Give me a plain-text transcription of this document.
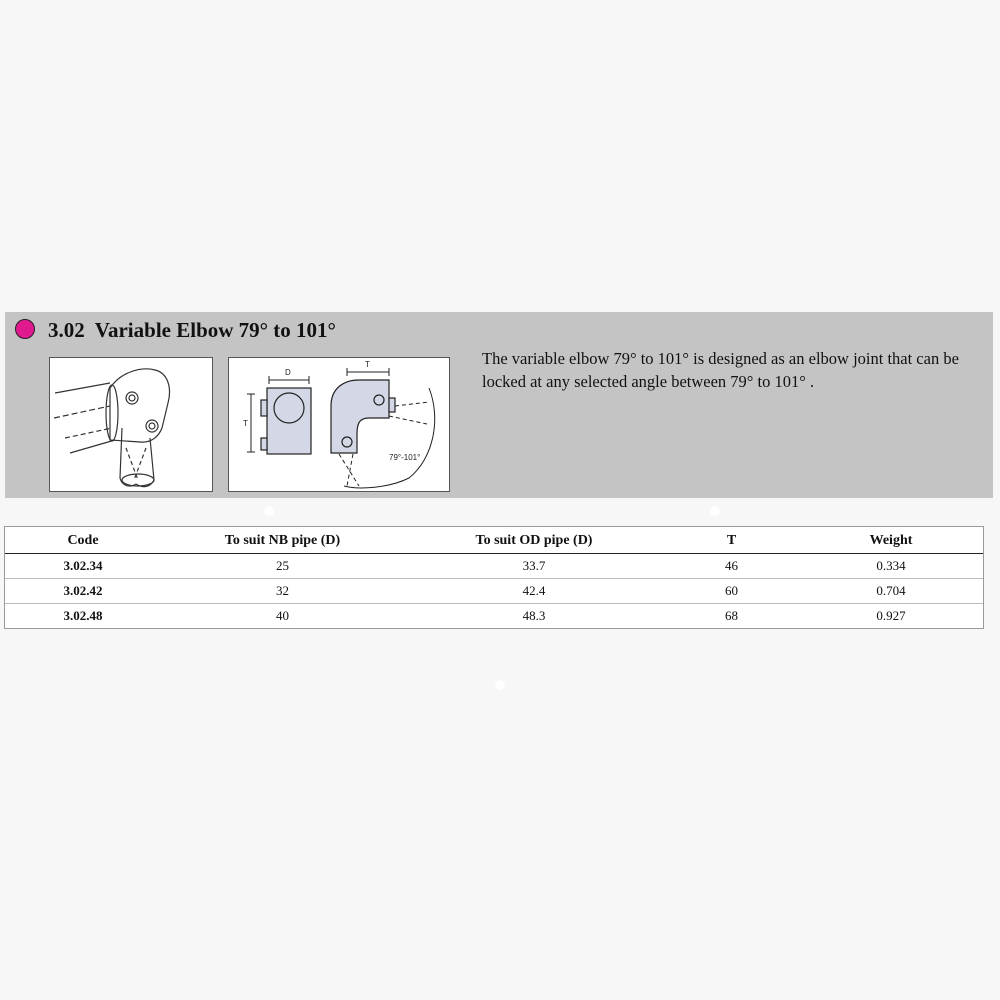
3.02 Variable Elbow 79° to 101°
The variable elbow 79° to 101° is designed as an elbow joint that can be locked at any selected angle between 79° to 101° .
D
T
T
79°-101°
Code	To suit NB pipe (D)	To suit OD pipe (D)	T	Weight
3.02.34	25	33.7	46	0.334
3.02.42	32	42.4	60	0.704
3.02.48	40	48.3	68	0.927
